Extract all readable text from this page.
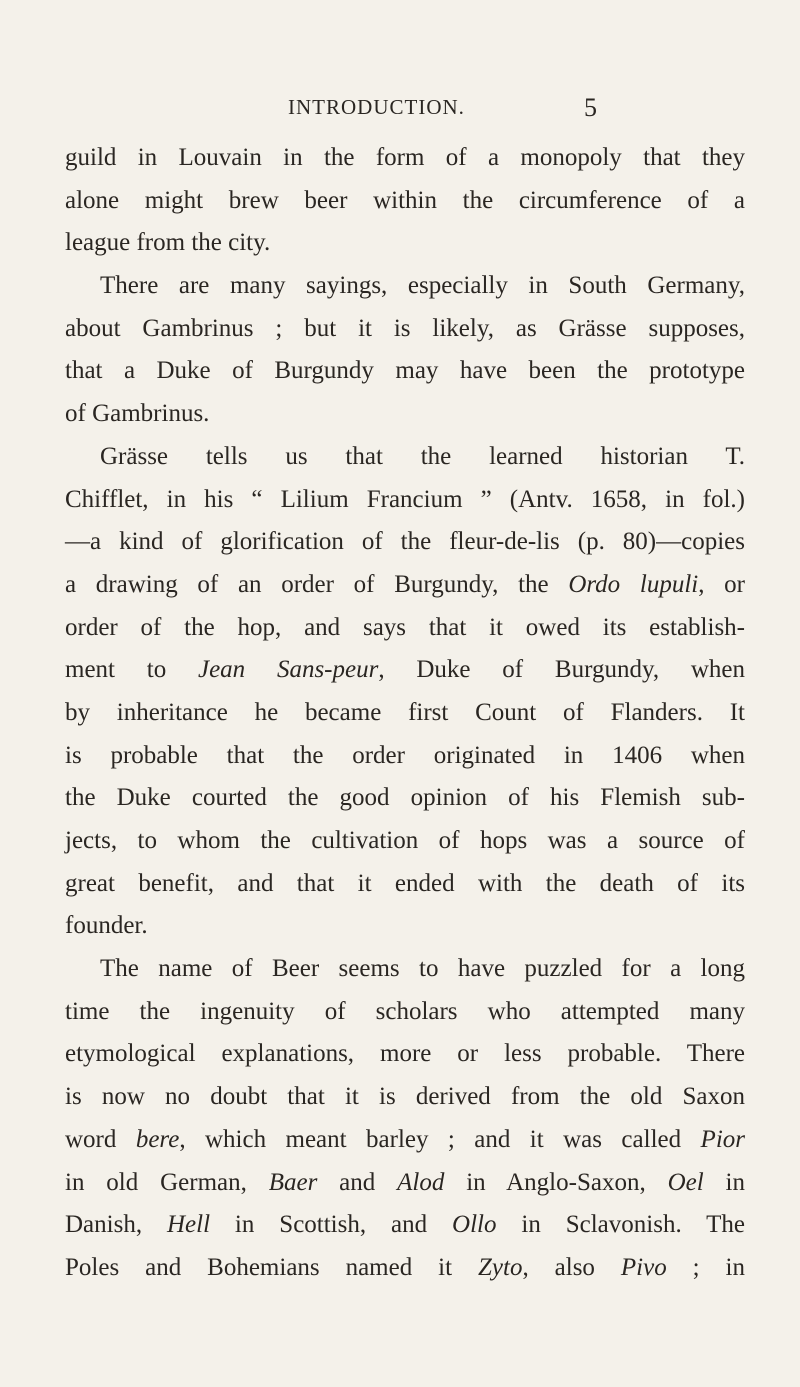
INTRODUCTION.	5
guild in Louvain in the form of a monopoly that they
alone might brew beer within the circumference of a
league from the city.
There are many sayings, especially in South Germany,
about Gambrinus ; but it is likely, as Grässe supposes,
that a Duke of Burgundy may have been the prototype
of Gambrinus.
Grässe tells us that the learned historian T.
Chifflet, in his “ Lilium Francium ” (Antv. 1658, in fol.)
—a kind of glorification of the fleur-de-lis (p. 80)—copies
a drawing of an order of Burgundy, the Ordo lupuli, or
order of the hop, and says that it owed its establish-
ment to Jean Sans-peur, Duke of Burgundy, when
by inheritance he became first Count of Flanders. It
is probable that the order originated in 1406 when
the Duke courted the good opinion of his Flemish sub-
jects, to whom the cultivation of hops was a source of
great benefit, and that it ended with the death of its
founder.
The name of Beer seems to have puzzled for a long
time the ingenuity of scholars who attempted many
etymological explanations, more or less probable. There
is now no doubt that it is derived from the old Saxon
word bere, which meant barley ; and it was called Pior
in old German, Baer and Alod in Anglo-Saxon, Oel in
Danish, Hell in Scottish, and Ollo in Sclavonish. The
Poles and Bohemians named it Zyto, also Pivo ; in
